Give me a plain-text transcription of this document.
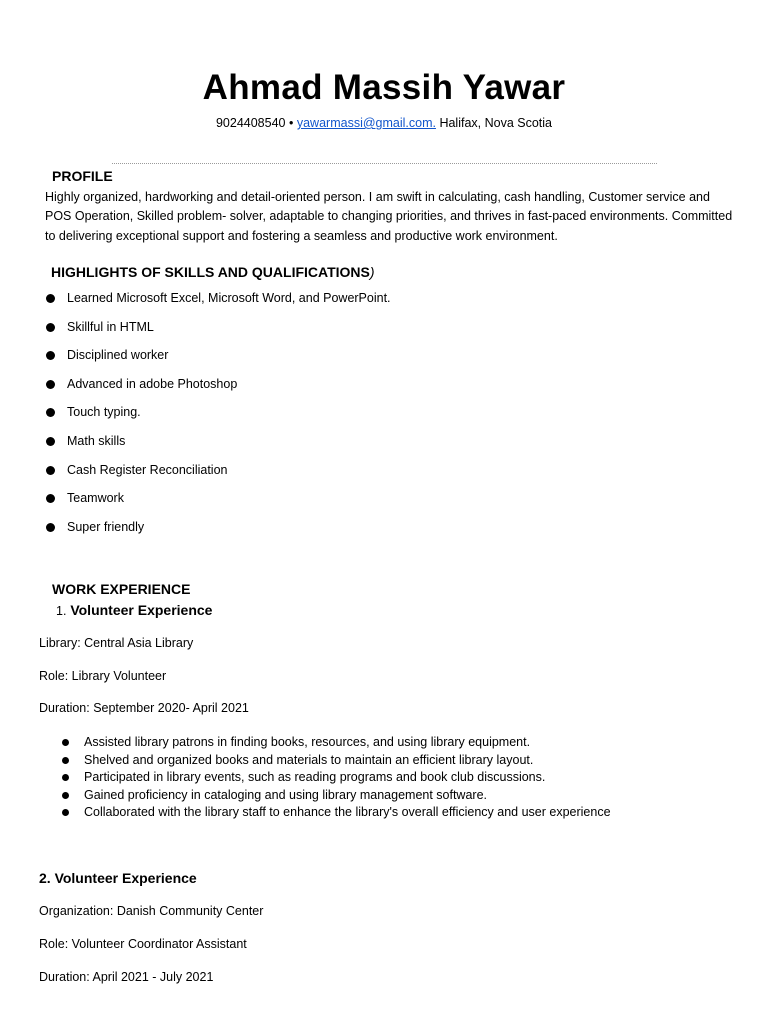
Ahmad Massih Yawar
9024408540 • yawarmassi@gmail.com. Halifax, Nova Scotia
PROFILE
Highly organized, hardworking and detail-oriented person. I am swift in calculating, cash handling, Customer service and POS Operation, Skilled problem- solver, adaptable to changing priorities, and thrives in fast-paced environments. Committed to delivering exceptional support and fostering a seamless and productive work environment.
HIGHLIGHTS OF SKILLS AND QUALIFICATIONS)
Learned Microsoft Excel, Microsoft Word, and PowerPoint.
Skillful in HTML
Disciplined worker
Advanced in adobe Photoshop
Touch typing.
Math skills
Cash Register Reconciliation
Teamwork
Super friendly
WORK EXPERIENCE
1. Volunteer Experience
Library: Central Asia Library
Role: Library Volunteer
Duration: September 2020- April 2021
Assisted library patrons in finding books, resources, and using library equipment.
Shelved and organized books and materials to maintain an efficient library layout.
Participated in library events, such as reading programs and book club discussions.
Gained proficiency in cataloging and using library management software.
Collaborated with the library staff to enhance the library's overall efficiency and user experience
2. Volunteer Experience
Organization: Danish Community Center
Role: Volunteer Coordinator Assistant
Duration: April 2021 - July 2021
